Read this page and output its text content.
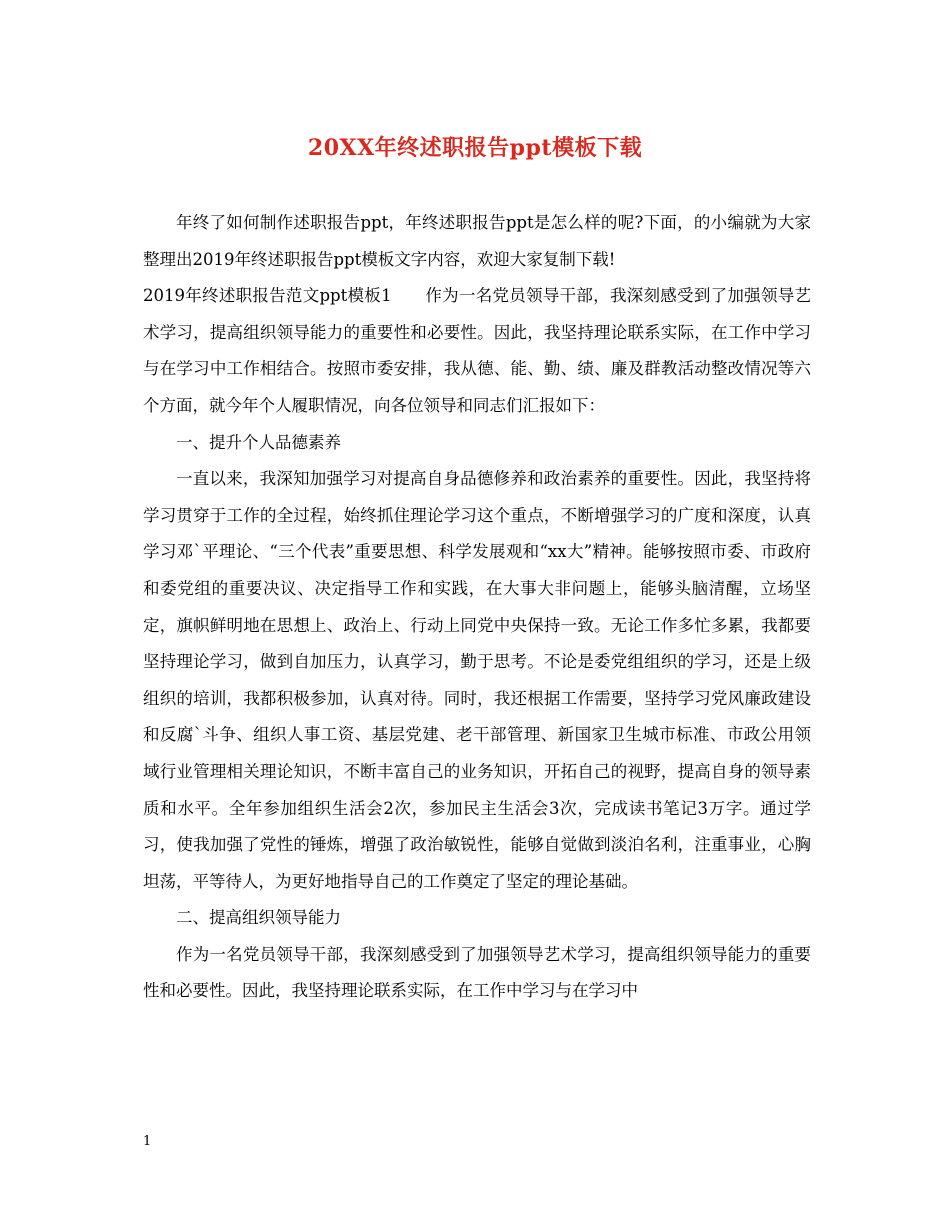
20XX年终述职报告ppt模板下载

年终了如何制作述职报告ppt，年终述职报告ppt是怎么样的呢?下面，的小编就为大家整理出2019年终述职报告ppt模板文字内容，欢迎大家复制下载!

2019年终述职报告范文ppt模板1　　作为一名党员领导干部，我深刻感受到了加强领导艺术学习，提高组织领导能力的重要性和必要性。因此，我坚持理论联系实际，在工作中学习与在学习中工作相结合。按照市委安排，我从德、能、勤、绩、廉及群教活动整改情况等六个方面，就今年个人履职情况，向各位领导和同志们汇报如下：

一、提升个人品德素养

一直以来，我深知加强学习对提高自身品德修养和政治素养的重要性。因此，我坚持将学习贯穿于工作的全过程，始终抓住理论学习这个重点，不断增强学习的广度和深度，认真学习邓`平理论、“三个代表”重要思想、科学发展观和“xx大”精神。能够按照市委、市政府和委党组的重要决议、决定指导工作和实践，在大事大非问题上，能够头脑清醒，立场坚定，旗帜鲜明地在思想上、政治上、行动上同党中央保持一致。无论工作多忙多累，我都要坚持理论学习，做到自加压力，认真学习，勤于思考。不论是委党组组织的学习，还是上级组织的培训，我都积极参加，认真对待。同时，我还根据工作需要，坚持学习党风廉政建设和反腐`斗争、组织人事工资、基层党建、老干部管理、新国家卫生城市标准、市政公用领域行业管理相关理论知识，不断丰富自己的业务知识，开拓自己的视野，提高自身的领导素质和水平。全年参加组织生活会2次，参加民主生活会3次，完成读书笔记3万字。通过学习，使我加强了党性的锤炼，增强了政治敏锐性，能够自觉做到淡泊名利，注重事业，心胸坦荡，平等待人，为更好地指导自己的工作奠定了坚定的理论基础。

二、提高组织领导能力

作为一名党员领导干部，我深刻感受到了加强领导艺术学习，提高组织领导能力的重要性和必要性。因此，我坚持理论联系实际，在工作中学习与在学习中

1
